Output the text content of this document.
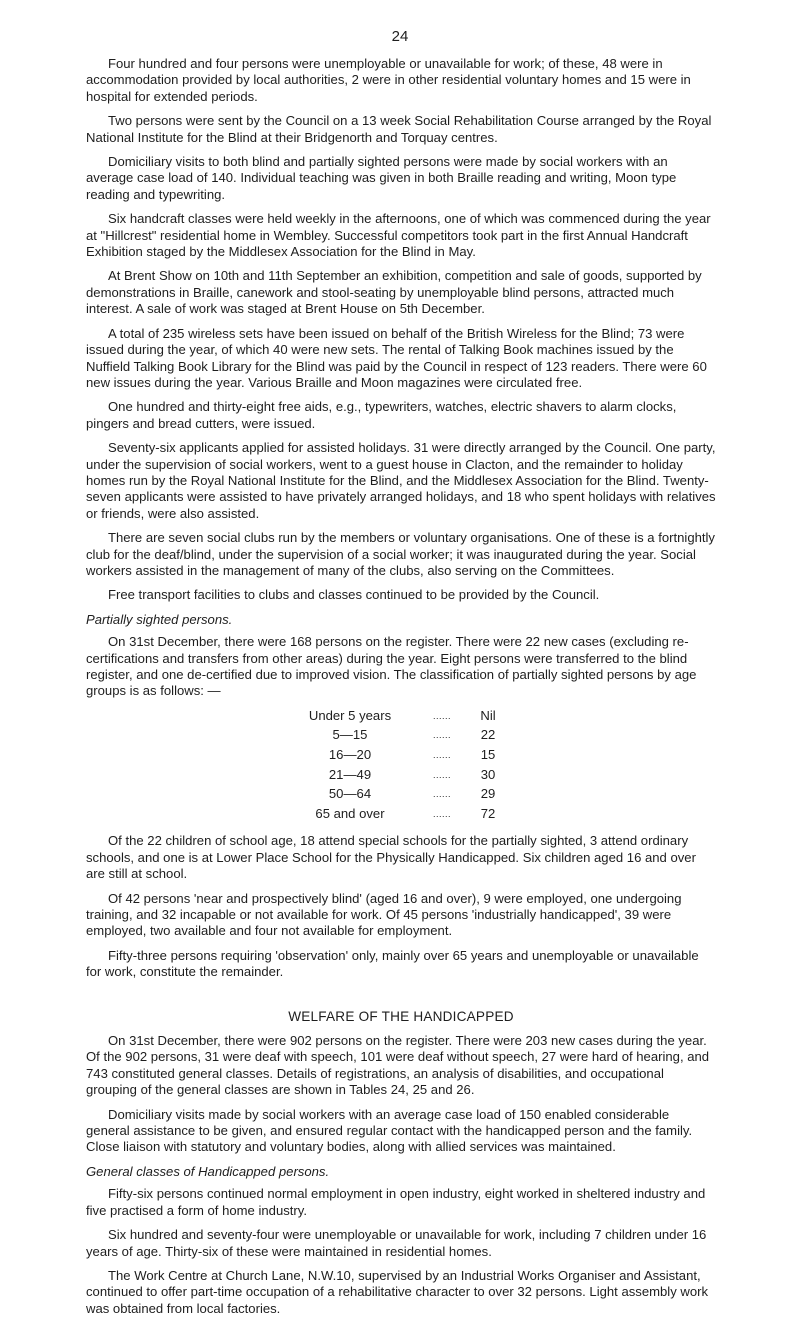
24

Four hundred and four persons were unemployable or unavailable for work; of these, 48 were in accommodation provided by local authorities, 2 were in other residential voluntary homes and 15 were in hospital for extended periods.

Two persons were sent by the Council on a 13 week Social Rehabilitation Course arranged by the Royal National Institute for the Blind at their Bridgenorth and Torquay centres.

Domiciliary visits to both blind and partially sighted persons were made by social workers with an average case load of 140. Individual teaching was given in both Braille reading and writing, Moon type reading and typewriting.

Six handcraft classes were held weekly in the afternoons, one of which was commenced during the year at "Hillcrest" residential home in Wembley. Successful competitors took part in the first Annual Handcraft Exhibition staged by the Middlesex Association for the Blind in May.

At Brent Show on 10th and 11th September an exhibition, competition and sale of goods, supported by demonstrations in Braille, canework and stool-seating by unemployable blind persons, attracted much interest. A sale of work was staged at Brent House on 5th December.

A total of 235 wireless sets have been issued on behalf of the British Wireless for the Blind; 73 were issued during the year, of which 40 were new sets. The rental of Talking Book machines issued by the Nuffield Talking Book Library for the Blind was paid by the Council in respect of 123 readers. There were 60 new issues during the year. Various Braille and Moon magazines were circulated free.

One hundred and thirty-eight free aids, e.g., typewriters, watches, electric shavers to alarm clocks, pingers and bread cutters, were issued.

Seventy-six applicants applied for assisted holidays. 31 were directly arranged by the Council. One party, under the supervision of social workers, went to a guest house in Clacton, and the remainder to holiday homes run by the Royal National Institute for the Blind, and the Middlesex Association for the Blind. Twenty-seven applicants were assisted to have privately arranged holidays, and 18 who spent holidays with relatives or friends, were also assisted.

There are seven social clubs run by the members or voluntary organisations. One of these is a fortnightly club for the deaf/blind, under the supervision of a social worker; it was inaugurated during the year. Social workers assisted in the management of many of the clubs, also serving on the Committees.

Free transport facilities to clubs and classes continued to be provided by the Council.

Partially sighted persons.

On 31st December, there were 168 persons on the register. There were 22 new cases (excluding re-certifications and transfers from other areas) during the year. Eight persons were transferred to the blind register, and one de-certified due to improved vision. The classification of partially sighted persons by age groups is as follows: —

Under 5 years	......	Nil
5—15	......	22
16—20	......	15
21—49	......	30
50—64	......	29
65 and over	......	72

Of the 22 children of school age, 18 attend special schools for the partially sighted, 3 attend ordinary schools, and one is at Lower Place School for the Physically Handicapped. Six children aged 16 and over are still at school.

Of 42 persons 'near and prospectively blind' (aged 16 and over), 9 were employed, one undergoing training, and 32 incapable or not available for work. Of 45 persons 'industrially handicapped', 39 were employed, two available and four not available for employment.

Fifty-three persons requiring 'observation' only, mainly over 65 years and unemployable or unavailable for work, constitute the remainder.

WELFARE OF THE HANDICAPPED

On 31st December, there were 902 persons on the register. There were 203 new cases during the year. Of the 902 persons, 31 were deaf with speech, 101 were deaf without speech, 27 were hard of hearing, and 743 constituted general classes. Details of registrations, an analysis of disabilities, and occupational grouping of the general classes are shown in Tables 24, 25 and 26.

Domiciliary visits made by social workers with an average case load of 150 enabled considerable general assistance to be given, and ensured regular contact with the handicapped person and the family. Close liaison with statutory and voluntary bodies, along with allied services was maintained.

General classes of Handicapped persons.

Fifty-six persons continued normal employment in open industry, eight worked in sheltered industry and five practised a form of home industry.

Six hundred and seventy-four were unemployable or unavailable for work, including 7 children under 16 years of age. Thirty-six of these were maintained in residential homes.

The Work Centre at Church Lane, N.W.10, supervised by an Industrial Works Organiser and Assistant, continued to offer part-time occupation of a rehabilitative character to over 32 persons. Light assembly work was obtained from local factories.
